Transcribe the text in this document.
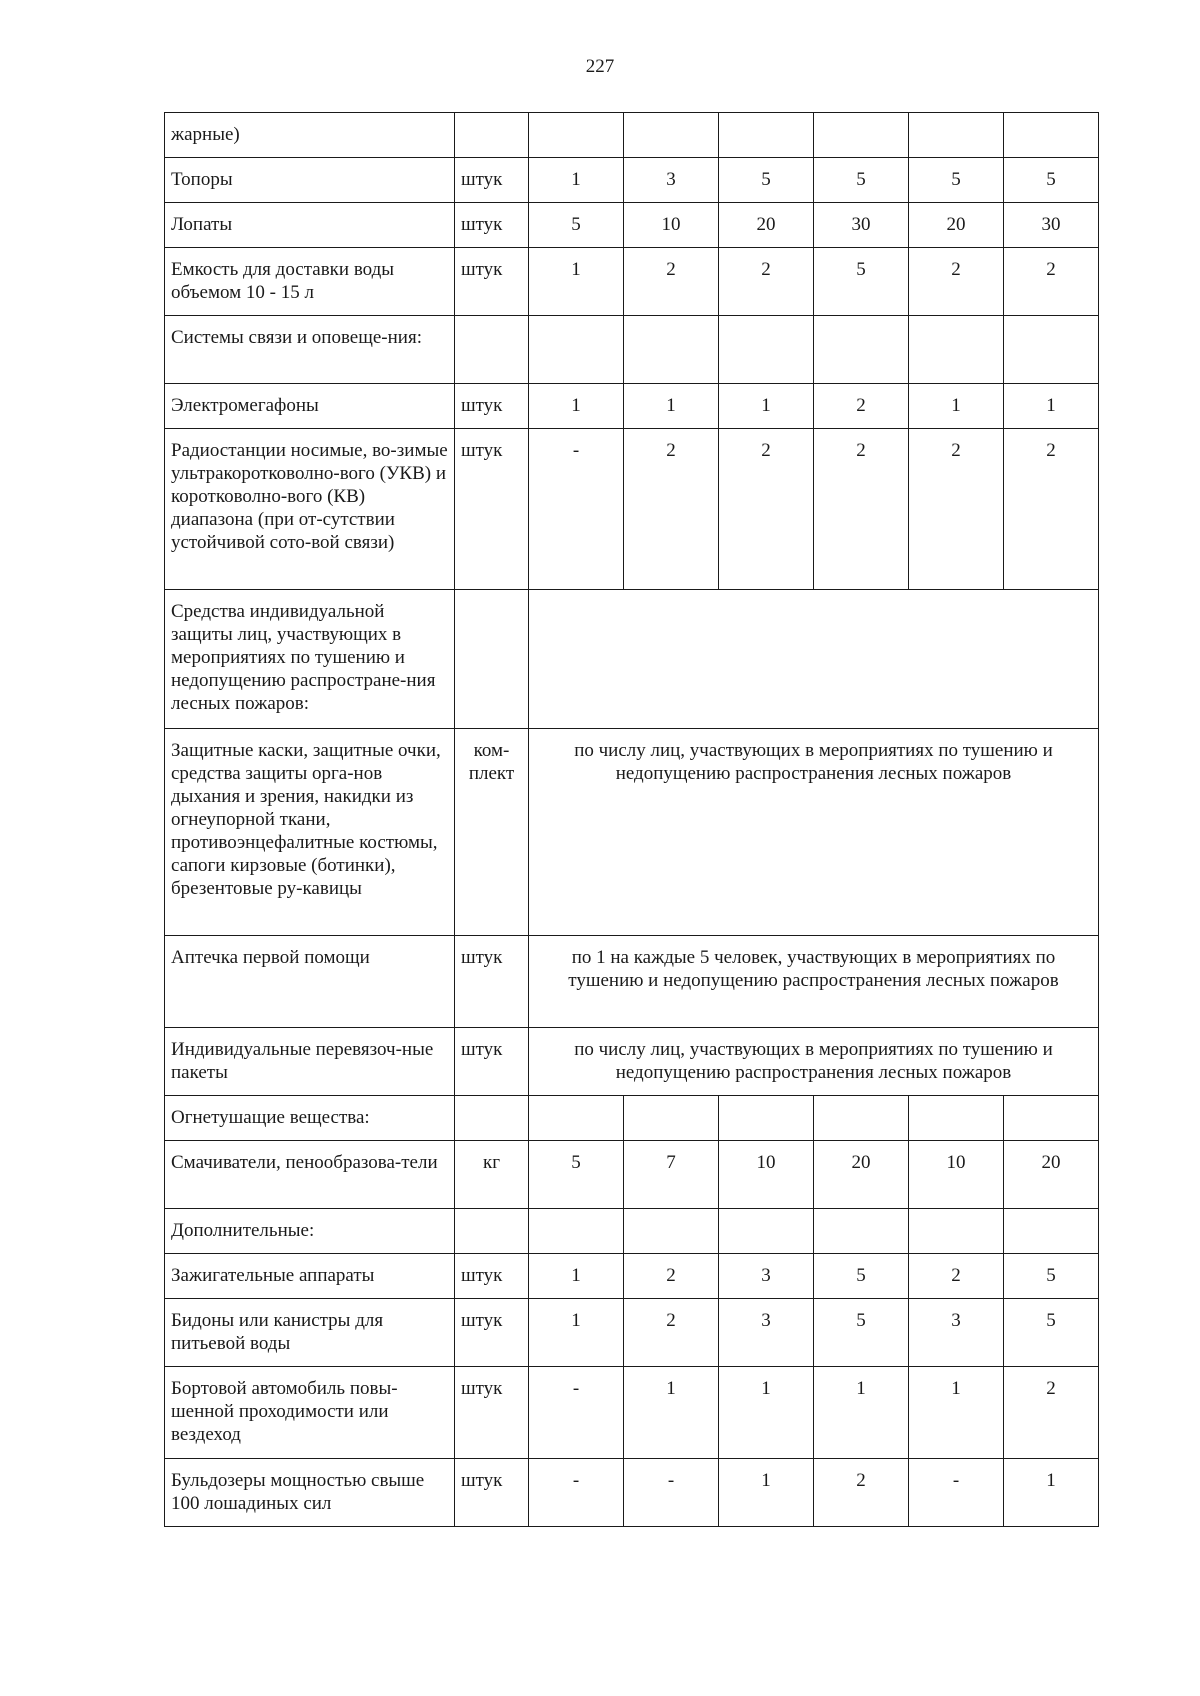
227
жарные)							
Топоры	штук	1	3	5	5	5	5
Лопаты	штук	5	10	20	30	20	30
Емкость для доставки воды объемом 10 - 15 л	штук	1	2	2	5	2	2
Системы связи и оповеще-ния:							
Электромегафоны	штук	1	1	1	2	1	1
Радиостанции носимые, во-зимые ультракоротковолно-вого (УКВ) и коротковолно-вого (КВ) диапазона (при от-сутствии устойчивой сото-вой связи)	штук	-	2	2	2	2	2
Средства индивидуальной защиты лиц, участвующих в мероприятиях по тушению и недопущению распростране-ния лесных пожаров:							
Защитные каски, защитные очки, средства защиты орга-нов дыхания и зрения, накидки из огнеупорной ткани, противоэнцефалитные костюмы, сапоги кирзовые (ботинки), брезентовые ру-кавицы	ком-плект	по числу лиц, участвующих в мероприятиях по тушению и недопущению распространения лесных пожаров					
Аптечка первой помощи	штук	по 1 на каждые 5 человек, участвующих в мероприятиях по тушению и недопущению распространения лесных пожаров					
Индивидуальные перевязоч-ные пакеты	штук	по числу лиц, участвующих в мероприятиях по тушению и недопущению распространения лесных пожаров					
Огнетушащие вещества:							
Смачиватели, пенообразова-тели	кг	5	7	10	20	10	20
Дополнительные:							
Зажигательные аппараты	штук	1	2	3	5	2	5
Бидоны или канистры для питьевой воды	штук	1	2	3	5	3	5
Бортовой автомобиль повы-шенной проходимости или вездеход	штук	-	1	1	1	1	2
Бульдозеры мощностью свыше 100 лошадиных сил	штук	-	-	1	2	-	1
